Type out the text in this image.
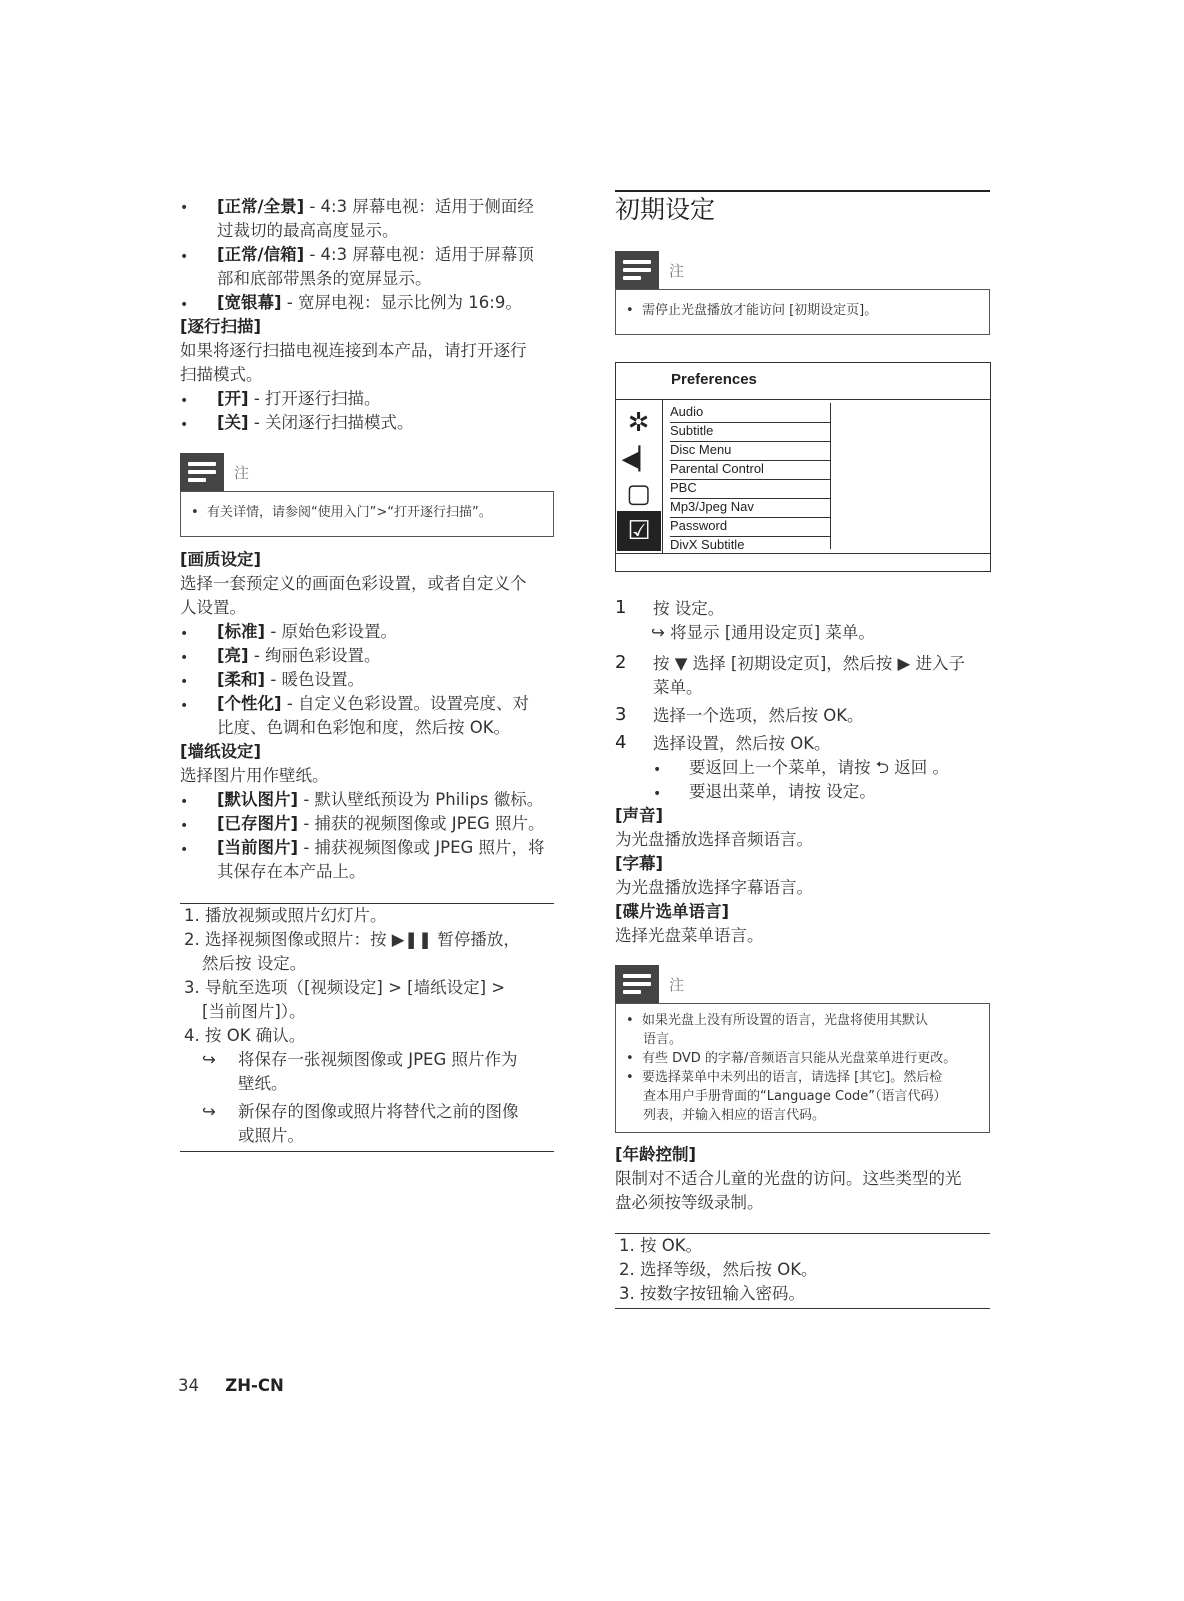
•	[正常/全景] - 4:3 屏幕电视：适用于侧面经
过裁切的最高高度显示。
•	[正常/信箱] - 4:3 屏幕电视：适用于屏幕顶
部和底部带黑条的宽屏显示。
•	[宽银幕] - 宽屏电视：显示比例为 16:9。
[逐行扫描]
如果将逐行扫描电视连接到本产品，请打开逐行
扫描模式。
•	[开] - 打开逐行扫描。
•	[关] - 关闭逐行扫描模式。
注
•  有关详情，请参阅“使用入门”>“打开逐行扫描”。
[画质设定]
选择一套预定义的画面色彩设置，或者自定义个
人设置。
•	[标准] - 原始色彩设置。
•	[亮] - 绚丽色彩设置。
•	[柔和] - 暖色设置。
•	[个性化] - 自定义色彩设置。设置亮度、对
比度、色调和色彩饱和度，然后按 OK。
[墙纸设定]
选择图片用作壁纸。
•	[默认图片] - 默认壁纸预设为 Philips 徽标。
•	[已存图片] - 捕获的视频图像或 JPEG 照片。
•	[当前图片] - 捕获视频图像或 JPEG 照片，将
其保存在本产品上。
1. 播放视频或照片幻灯片。
2. 选择视频图像或照片：按 ▶❚❚ 暂停播放，
然后按 设定。
3. 导航至选项（[视频设定] > [墙纸设定] >
[当前图片]）。
4. 按 OK 确认。
↪ 将保存一张视频图像或 JPEG 照片作为
壁纸。
↪ 新保存的图像或照片将替代之前的图像
或照片。
初期设定
注
•  需停止光盘播放才能访问 [初期设定页]。
Preferences
✲
◀▏
▢
☑
Audio
Subtitle
Disc Menu
Parental Control
PBC
Mp3/Jpeg Nav
Password
DivX Subtitle
1 按 设定。
↪ 将显示 [通用设定页] 菜单。
2 按 ▼ 选择 [初期设定页]，然后按 ▶ 进入子
菜单。
3 选择一个选项，然后按 OK。
4 选择设置，然后按 OK。
•	要返回上一个菜单，请按 ⮌ 返回 。
•	要退出菜单，请按 设定。
[声音]
为光盘播放选择音频语言。
[字幕]
为光盘播放选择字幕语言。
[碟片选单语言]
选择光盘菜单语言。
注
•  如果光盘上没有所设置的语言，光盘将使用其默认
语言。
•  有些 DVD 的字幕/音频语言只能从光盘菜单进行更改。
•  要选择菜单中未列出的语言，请选择 [其它]。然后检
查本用户手册背面的“Language Code”（语言代码）
列表，并输入相应的语言代码。
[年龄控制]
限制对不适合儿童的光盘的访问。这些类型的光
盘必须按等级录制。
1. 按 OK。
2. 选择等级，然后按 OK。
3. 按数字按钮输入密码。
34 ZH-CN
